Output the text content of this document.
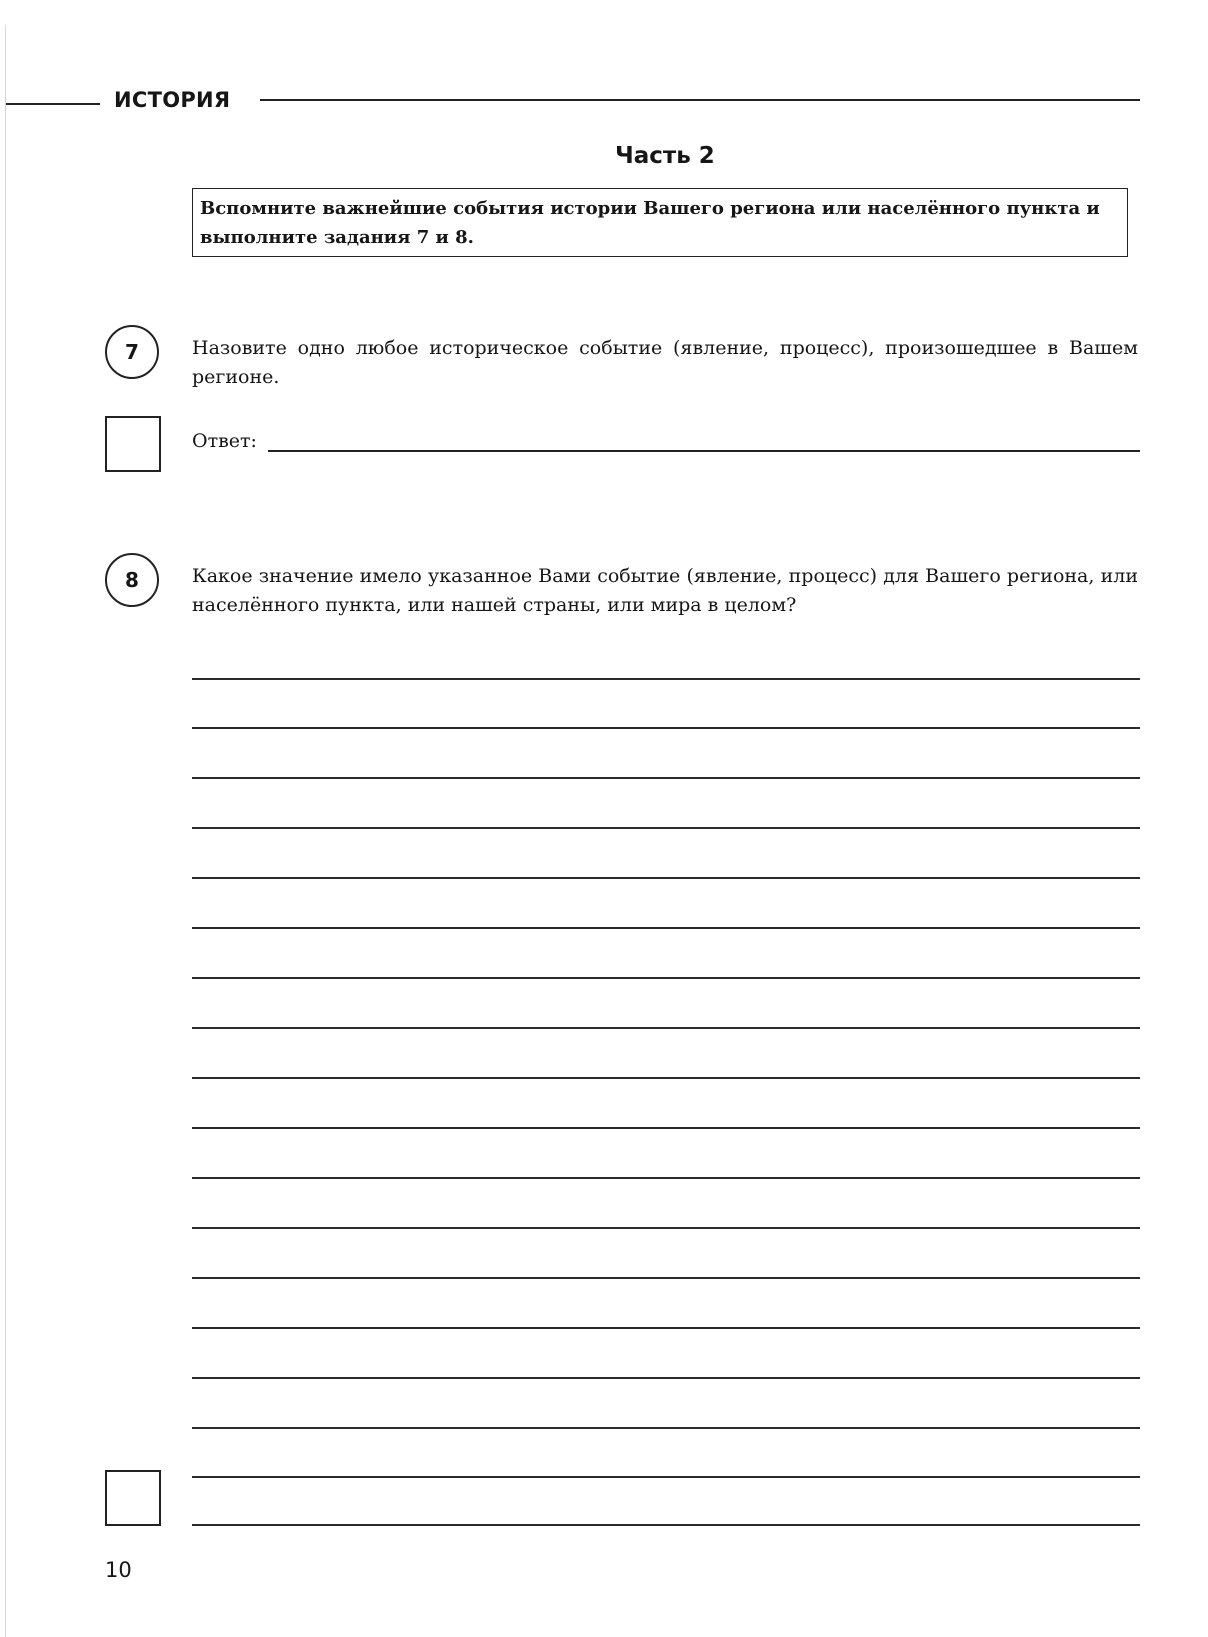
ИСТОРИЯ
Часть 2
Вспомните важнейшие события истории Вашего региона или населённого пункта и выполните задания 7 и 8.
7	Назовите одно любое историческое событие (явление, процесс), произошедшее в Вашем регионе.
Ответ:
8	Какое значение имело указанное Вами событие (явление, процесс) для Вашего региона, или населённого пункта, или нашей страны, или мира в целом?
10
